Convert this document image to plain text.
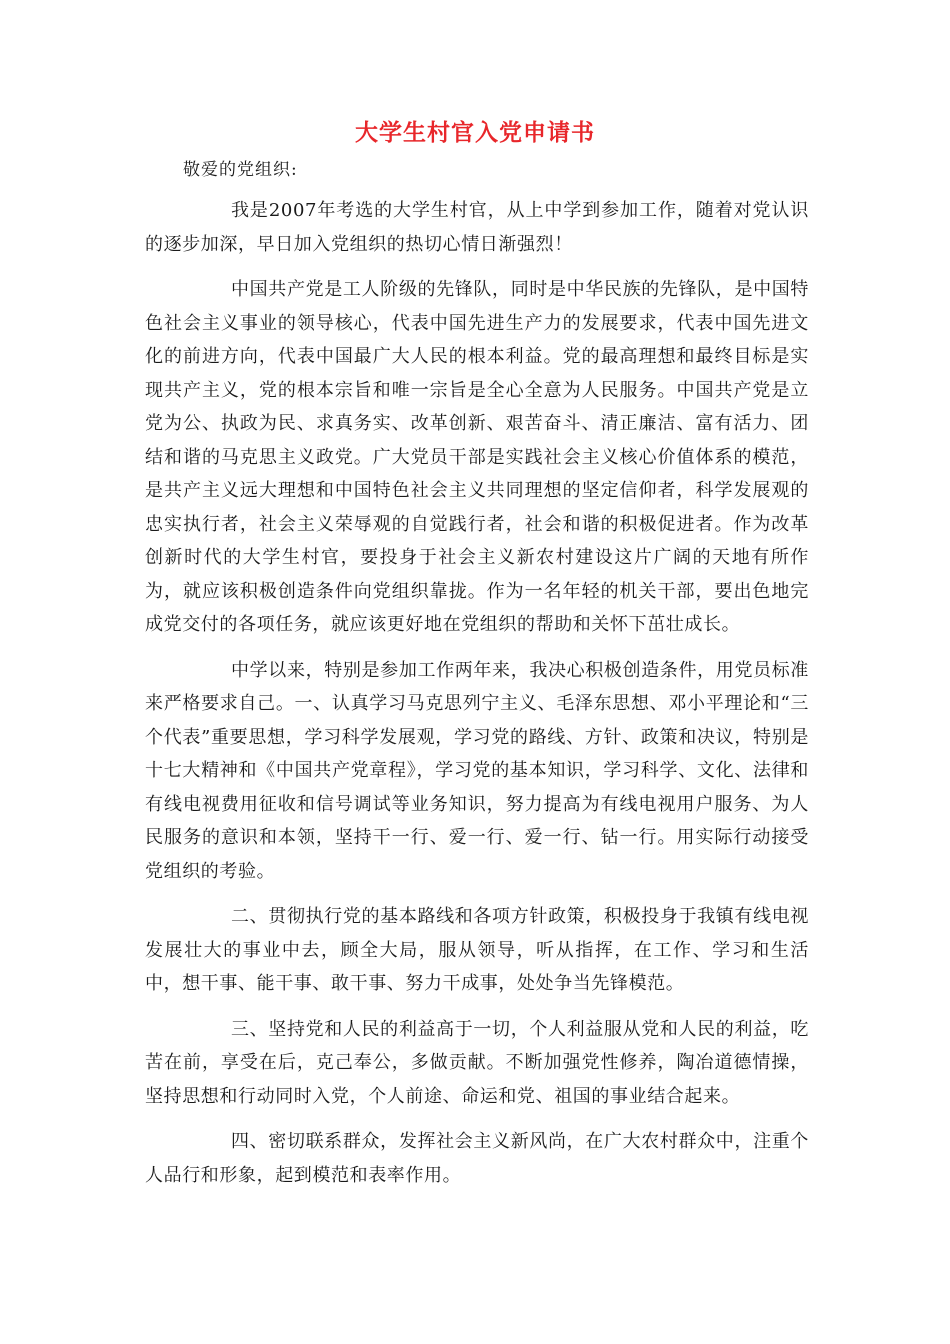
大学生村官入党申请书
敬爱的党组织:

我是2007年考选的大学生村官，从上中学到参加工作，随着对党认识的逐步加深，早日加入党组织的热切心情日渐强烈！

中国共产党是工人阶级的先锋队，同时是中华民族的先锋队，是中国特色社会主义事业的领导核心，代表中国先进生产力的发展要求，代表中国先进文化的前进方向，代表中国最广大人民的根本利益。党的最高理想和最终目标是实现共产主义，党的根本宗旨和唯一宗旨是全心全意为人民服务。中国共产党是立党为公、执政为民、求真务实、改革创新、艰苦奋斗、清正廉洁、富有活力、团结和谐的马克思主义政党。广大党员干部是实践社会主义核心价值体系的模范，是共产主义远大理想和中国特色社会主义共同理想的坚定信仰者，科学发展观的忠实执行者，社会主义荣辱观的自觉践行者，社会和谐的积极促进者。作为改革创新时代的大学生村官，要投身于社会主义新农村建设这片广阔的天地有所作为，就应该积极创造条件向党组织靠拢。作为一名年轻的机关干部，要出色地完成党交付的各项任务，就应该更好地在党组织的帮助和关怀下茁壮成长。

中学以来，特别是参加工作两年来，我决心积极创造条件，用党员标准来严格要求自己。一、认真学习马克思列宁主义、毛泽东思想、邓小平理论和“三个代表”重要思想，学习科学发展观，学习党的路线、方针、政策和决议，特别是十七大精神和《中国共产党章程》，学习党的基本知识，学习科学、文化、法律和有线电视费用征收和信号调试等业务知识，努力提高为有线电视用户服务、为人民服务的意识和本领，坚持干一行、爱一行、爱一行、钻一行。用实际行动接受党组织的考验。

二、贯彻执行党的基本路线和各项方针政策，积极投身于我镇有线电视发展壮大的事业中去，顾全大局，服从领导，听从指挥，在工作、学习和生活中，想干事、能干事、敢干事、努力干成事，处处争当先锋模范。

三、坚持党和人民的利益高于一切，个人利益服从党和人民的利益，吃苦在前，享受在后，克己奉公，多做贡献。不断加强党性修养，陶冶道德情操，坚持思想和行动同时入党，个人前途、命运和党、祖国的事业结合起来。

四、密切联系群众，发挥社会主义新风尚，在广大农村群众中，注重个人品行和形象，起到模范和表率作用。
